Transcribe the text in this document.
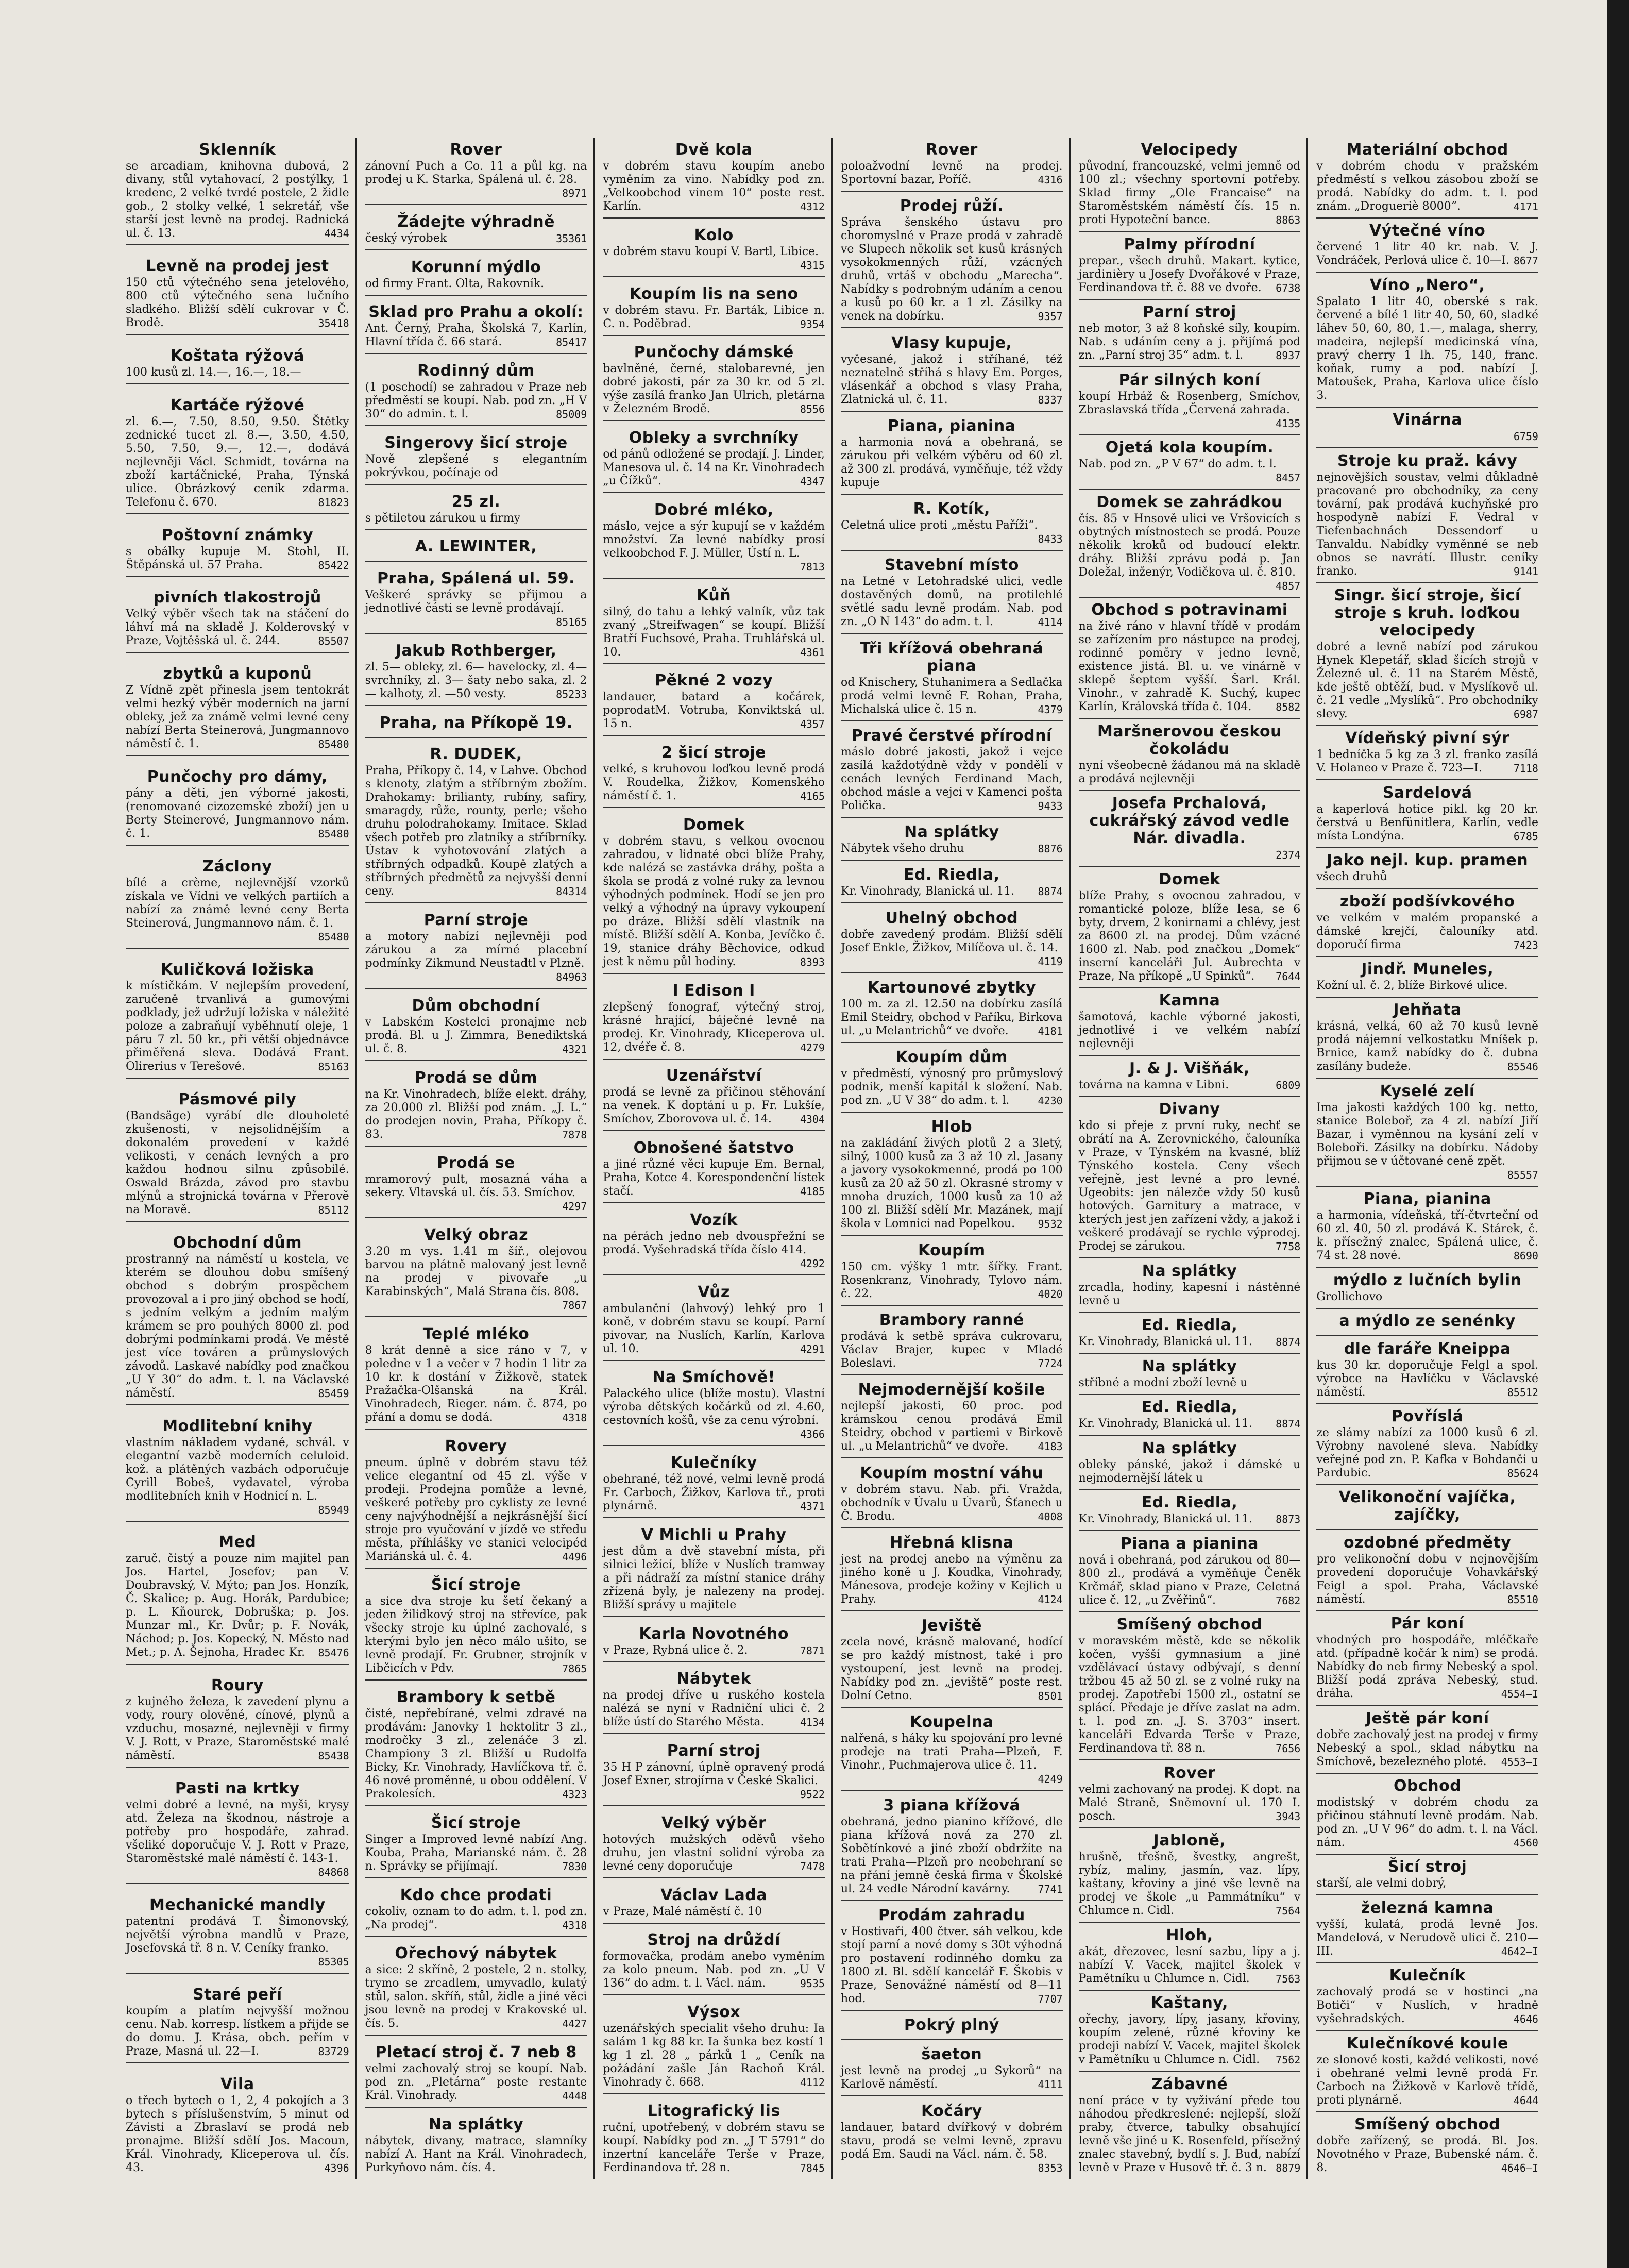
Sklenník

se arcadiam, knihovna dubová, 2 divany, stůl vytahovací, 2 postýlky, 1 kredenc, 2 velké tvrdé postele, 2 židle gob., 2 stolky velké, 1 sekretář, vše starší jest levně na prodej. Radnická ul. č. 13.	4434

Levně na prodej jest

150 ctů výtečného sena jetelového, 800 ctů výtečného sena lučního sladkého. Bližší sdělí cukrovar v Č. Brodě.	35418

Koštata rýžová

100 kusů zl. 14.—, 16.—, 18.—

Kartáče rýžové

zl. 6.—, 7.50, 8.50, 9.50. Štětky zednické tucet zl. 8.—, 3.50, 4.50, 5.50, 7.50, 9.—, 12.—, dodává nejlevněji Václ. Schmidt, továrna na zboží kartáčnické, Praha, Týnská ulice. Obrázkový ceník zdarma. Telefonu č. 670.	81823

Poštovní známky

s obálky kupuje M. Stohl, II. Štěpánská ul. 57 Praha.	85422

pivních tlakostrojů

Velký výběr všech tak na stáčení do láhví má na skladě J. Kolderovský v Praze, Vojtěšská ul. č. 244.	85507

zbytků a kuponů

Z Vídně zpět přinesla jsem tentokrát velmi hezký výběr moderních na jarní obleky, jež za známě velmi levné ceny nabízí Berta Steinerová, Jungmannovo náměstí č. 1.	85480

Punčochy pro dámy,

pány a děti, jen výborné jakosti, (renomované cizozemské zboží) jen u Berty Steinerové, Jungmannovo nám. č. 1.	85480

Záclony

bílé a crème, nejlevnější vzorků získala ve Vídni ve velkých partiích a nabízí za známě levné ceny Berta Steinerová, Jungmannovo nám. č. 1.
85480

Kuličková ložiska

k místičkám. V nejlepším provedení, zaručeně trvanlivá a gumovými podklady, jež udržují ložiska v náležité poloze a zabraňují vyběhnutí oleje, 1 páru 7 zl. 50 kr., při větší objednávce přiměřená sleva. Dodává Frant. Olirerius v Terešové.	85163

Pásmové pily

(Bandsäge) vyrábí dle dlouholeté zkušenosti, v nejsolidnějším a dokonalém provedení v každé velikosti, v cenách levných a pro každou hodnou silnu způsobilé. Oswald Brázda, závod pro stavbu mlýnů a strojnická továrna v Přerově na Moravě.	85112

Obchodní dům

prostranný na náměstí u kostela, ve kterém se dlouhou dobu smíšený obchod s dobrým prospěchem provozoval a i pro jiný obchod se hodí, s jedním velkým a jedním malým krámem se pro pouhých 8000 zl. pod dobrými podmínkami prodá. Ve městě jest více továren a průmyslových závodů. Laskavé nabídky pod značkou „U Y 30“ do adm. t. l. na Václavské náměstí.	85459

Modlitební knihy

vlastním nákladem vydané, schvál. v elegantní vazbě moderních celuloid. kož. a plátěných vazbách odporučuje Cyrill Bobeš, vydavatel, výroba modlitebních knih v Hodnicí n. L.
85949

Med

zaruč. čistý a pouze nim majitel pan Jos. Hartel, Josefov; pan V. Doubravský, V. Mýto; pan Jos. Honzík, Č. Skalice; p. Aug. Horák, Pardubice; p. L. Kňourek, Dobruška; p. Jos. Munzar ml., Kr. Dvůr; p. F. Novák, Náchod; p. Jos. Kopecký, N. Město nad Met.; p. A. Šejnoha, Hradec Kr. 85476

Roury

z kujného železa, k zavedení plynu a vody, roury olověné, cínové, plynů a vzduchu, mosazné, nejlevněji v firmy V. J. Rott, v Praze, Staroměstské malé náměstí.	85438

Pasti na krtky

velmi dobré a levné, na myši, krysy atd. Železa na škodnou, nástroje a potřeby pro hospodáře, zahrad. všeliké doporučuje V. J. Rott v Praze, Staroměstské malé náměstí č. 143-1.
84868

Mechanické mandly

patentní prodává T. Šimonovský, největší výrobna mandlů v Praze, Josefovská tř. 8 n. V. Ceníky franko.
85305

Staré peří

koupím a platím nejvyšší možnou cenu. Nab. korresp. lístkem a přijde se do domu. J. Krása, obch. peřím v Praze, Masná ul. 22—I.	83729

Vila

o třech bytech o 1, 2, 4 pokojích a 3 bytech s příslušenstvím, 5 minut od Závisti a Zbraslaví se prodá neb pronajme. Bližší sdělí Jos. Macoun, Král. Vinohrady, Kliceperova ul. čís. 43.	4396

Rover

zánovní Puch a Co. 11 a půl kg. na prodej u K. Starka, Spálená ul. č. 28.
8971

Žádejte výhradně

český výrobek	35361

Korunní mýdlo

od firmy Frant. Olta, Rakovník.

Sklad pro Prahu a okolí:

Ant. Černý, Praha, Školská 7, Karlín, Hlavní třída č. 66 stará.	85417

Rodinný dům

(1 poschodí) se zahradou v Praze neb předměstí se koupí. Nab. pod zn. „H V 30“ do admin. t. l.	85009

Singerovy šicí stroje

Nově zlepšené s elegantním pokrývkou, počínaje od

25 zl.

s pětiletou zárukou u firmy

A. LEWINTER,
Praha, Spálená ul. 59.

Veškeré správky se přijmou a jednotlivé části se levně prodávají.
85165

Jakub Rothberger,

zl. 5— obleky, zl. 6— havelocky, zl. 4— svrchníky, zl. 3— šaty nebo saka, zl. 2— kalhoty, zl. —50 vesty.	85233

Praha, na Příkopě 19.
R. DUDEK,

Praha, Příkopy č. 14, v Lahve. Obchod s klenoty, zlatým a stříbrným zbožím. Drahokamy: brilianty, rubíny, safíry, smaragdy, růže, rounty, perle; všeho druhu polodrahokamy. Imitace. Sklad všech potřeb pro zlatníky a stříbrníky. Ústav k vyhotovování zlatých a stříbrných odpadků. Koupě zlatých a stříbrných předmětů za nejvyšší denní ceny.	84314

Parní stroje

a motory nabízí nejlevněji pod zárukou a za mírné placební podmínky Zikmund Neustadtl v Plzně.
84963

Dům obchodní

v Labském Kostelci pronajme neb prodá. Bl. u J. Zimmra, Benediktská ul. č. 8.	4321

Prodá se dům

na Kr. Vinohradech, blíže elekt. dráhy, za 20.000 zl. Bližší pod znám. „J. L.“ do prodejen novin, Praha, Příkopy č. 83.	7878

Prodá se

mramorový pult, mosazná váha a sekery. Vltavská ul. čís. 53. Smíchov.
4297

Velký obraz

3.20 m vys. 1.41 m šíř., olejovou barvou na plátně malovaný jest levně na prodej v pivovaře „u Karabinských“, Malá Strana čís. 808.
7867

Teplé mléko

8 krát denně a sice ráno v 7, v poledne v 1 a večer v 7 hodin 1 litr za 10 kr. k dostání v Žižkově, statek Pražačka-Olšanská na Král. Vinohradech, Rieger. nám. č. 874, po přání a domu se dodá.	4318

Rovery

pneum. úplně v dobrém stavu též velice elegantní od 45 zl. výše v prodeji. Prodejna pomůže a levné, veškeré potřeby pro cyklisty ze levné ceny najvýhodnější a nejkrásnější šicí stroje pro vyučování v jízdě ve středu města, příhlášky ve stanici velocipéd Mariánská ul. č. 4.	4496

Šicí stroje

a sice dva stroje ku šetí čekaný a jeden žilidkový stroj na střevíce, pak všecky stroje ku úplné zachovalé, s kterými bylo jen něco málo ušito, se levně prodají. Fr. Grubner, strojník v Libčicích v Pdv.	7865

Brambory k setbě

čisté, nepřebírané, velmi zdravé na prodávám: Janovky 1 hektolitr 3 zl., modročky 3 zl., zelenáče 3 zl. Championy 3 zl. Bližší u Rudolfa Bicky, Kr. Vinohrady, Havlíčkova tř. č. 46 nové proměnné, u obou oddělení. V Prakolesích.	4323

Šicí stroje

Singer a Improved levně nabízí Ang. Kouba, Praha, Marianské nám. č. 28 n. Správky se přijímají.	7830

Kdo chce prodati

cokoliv, oznam to do adm. t. l. pod zn. „Na prodej“.	4318

Ořechový nábytek

a sice: 2 skříně, 2 postele, 2 n. stolky, trymo se zrcadlem, umyvadlo, kulatý stůl, salon. skříň, stůl, židle a jiné věci jsou levně na prodej v Krakovské ul. čís. 5.	4427

Pletací stroj č. 7 neb 8

velmi zachovalý stroj se koupí. Nab. pod zn. „Pletárna“ poste restante Král. Vinohrady.	4448

Na splátky

nábytek, divany, matrace, slamníky nabízí A. Hant na Král. Vinohradech, Purkyňovo nám. čís. 4.

Dvě kola

v dobrém stavu koupím anebo vyměním za vino. Nabídky pod zn. „Velkoobchod vinem 10“ poste rest. Karlín.	4312

Kolo

v dobrém stavu koupí V. Bartl, Libice.
4315

Koupím lis na seno

v dobrém stavu. Fr. Barták, Libice n. C. n. Poděbrad.	9354

Punčochy dámské

bavlněné, černé, stalobarevné, jen dobré jakosti, pár za 30 kr. od 5 zl. výše zasílá franko Jan Ulrich, pletárna v Železném Brodě.	8556

Obleky a svrchníky

od pánů odložené se prodají. J. Linder, Manesova ul. č. 14 na Kr. Vinohradech „u Čížků“.	4347

Dobré mléko,

máslo, vejce a sýr kupují se v každém množství. Za levné nabídky prosí velkoobchod F. J. Müller, Ústí n. L.
7813

Kůň

silný, do tahu a lehký valník, vůz tak zvaný „Streifwagen“ se koupí. Bližší Bratří Fuchsové, Praha. Truhlářská ul. 10.	4361

Pěkné 2 vozy

landauer, batard a kočárek, poprodatM. Votruba, Konviktská ul. 15 n.	4357

2 šicí stroje

velké, s kruhovou loďkou levně prodá V. Roudelka, Žižkov, Komenského náměstí č. 1.	4165

Domek

v dobrém stavu, s velkou ovocnou zahradou, v lidnaté obci blíže Prahy, kde nalézá se zastávka dráhy, pošta a škola se prodá z volné ruky za levnou výhodných podmínek. Hodí se jen pro velký a výhodný na úpravy vykoupení po dráze. Bližší sdělí vlastník na místě. Bližší sdělí A. Konba, Jevíčko č. 19, stanice dráhy Běchovice, odkud jest k němu půl hodiny.	8393

I Edison I

zlepšený fonograf, výtečný stroj, krásné hrající, báječné levně na prodej. Kr. Vinohrady, Kliceperova ul. 12, dvéře č. 8.	4279

Uzenářství

prodá se levně za přičinou stěhování na venek. K doptání u p. Fr. Lukšíe, Smíchov, Zborovova ul. č. 14.	4304

Obnošené šatstvo

a jiné různé věci kupuje Em. Bernal, Praha, Kotce 4. Korespondenční lístek stačí.	4185

Vozík

na pérách jedno neb dvouspřežní se prodá. Vyšehradská třída číslo 414.
4292

Vůz

ambulanční (lahvový) lehký pro 1 koně, v dobrém stavu se koupí. Parní pivovar, na Nuslích, Karlín, Karlova ul. 10.	4291

Na Smíchově!

Palackého ulice (blíže mostu). Vlastní výroba dětských kočárků od zl. 4.60, cestovních košů, vše za cenu výrobní.
4366

Kulečníky

obehrané, též nové, velmi levně prodá Fr. Carboch, Žižkov, Karlova tř., proti plynárně.	4371

V Michli u Prahy

jest dům a dvě stavební místa, při silnici ležící, blíže v Nuslích tramway a při nádraží za místní stanice dráhy zřízená byly, je nalezeny na prodej. Bližší správy u majitele

Karla Novotného

v Praze, Rybná ulice č. 2.	7871

Nábytek

na prodej dříve u ruského kostela nalézá se nyní v Radniční ulici č. 2 blíže ústí do Starého Města.	4134

Parní stroj

35 H P zánovní, úplně opravený prodá Josef Exner, strojírna v České Skalici.
9522

Velký výběr

hotových mužských oděvů všeho druhu, jen vlastní solidní výroba za levné ceny doporučuje	7478

Václav Lada

v Praze, Malé náměstí č. 10

Stroj na drůždí

formovačka, prodám anebo vyměním za kolo pneum. Nab. pod zn. „U V 136“ do adm. t. l. Václ. nám.	9535

Výsox

uzenářských specialit všeho druhu: Ia salám 1 kg 88 kr. Ia šunka bez kostí 1 kg 1 zl. 28 „ párků 1 „ Ceník na požádání zašle Ján Rachoň Král. Vinohrady č. 668.	4112

Litografický lis

ruční, upotřebený, v dobrém stavu se koupí. Nabídky pod zn. „J T 5791“ do inzertní kanceláře Terše v Praze, Ferdinandova tř. 28 n.	7845

Rover

poloažvodní levně na prodej. Sportovní bazar, Poříč.	4316

Prodej růží.

Správa šenského ústavu pro choromyslné v Praze prodá v zahradě ve Slupech několik set kusů krásných vysokokmenných růží, vzácných druhů, vrtáš v obchodu „Marecha“. Nabídky s podrobným udáním a cenou a kusů po 60 kr. a 1 zl. Zásilky na venek na dobírku.	9357

Vlasy kupuje,

vyčesané, jakož i stříhané, též neznatelně stříhá s hlavy Em. Porges, vlásenkář a obchod s vlasy Praha, Zlatnická ul. č. 11.	8337

Piana, pianina

a harmonia nová a obehraná, se zárukou při velkém výběru od 60 zl. až 300 zl. prodává, vyměňuje, též vždy kupuje

R. Kotík,

Celetná ulice proti „městu Paříži“.
8433

Stavební místo

na Letné v Letohradské ulici, vedle dostavěných domů, na protilehlé světlé sadu levně prodám. Nab. pod zn. „O N 143“ do adm. t. l.	4114

Tři křížová obehraná piana

od Knischery, Stuhanimera a Sedlačka prodá velmi levně F. Rohan, Praha, Michalská ulice č. 15 n.	4379

Pravé čerstvé přírodní

máslo dobré jakosti, jakož i vejce zasílá každotýdně vždy v pondělí v cenách levných Ferdinand Mach, obchod másle a vejci v Kamenci pošta Polička.	9433

Na splátky

Nábytek všeho druhu	8876

Ed. Riedla,

Kr. Vinohrady, Blanická ul. 11. 8874

Uhelný obchod

dobře zavedený prodám. Bližší sdělí Josef Enkle, Žižkov, Milíčova ul. č. 14.
4119

Kartounové zbytky

100 m. za zl. 12.50 na dobírku zasílá Emil Steidry, obchod v Paříku, Birkova ul. „u Melantrichů“ ve dvoře.	4181

Koupím dům

v předměstí, výnosný pro průmyslový podnik, menší kapitál k složení. Nab. pod zn. „U V 38“ do adm. t. l.	4230

Hlob

na zakládání živých plotů 2 a 3letý, silný, 1000 kusů za 3 až 10 zl. Jasany a javory vysokokmenné, prodá po 100 kusů za 20 až 50 zl. Okrasné stromy v mnoha druzích, 1000 kusů za 10 až 100 zl. Bližší sdělí Mr. Mazánek, mají škola v Lomnici nad Popelkou. 9532

Koupím

150 cm. výšky 1 mtr. šířky. Frant. Rosenkranz, Vinohrady, Tylovo nám. č. 22.	4020

Brambory ranné

prodává k setbě správa cukrovaru, Václav Brajer, kupec v Mladé Boleslavi.	7724

Nejmodernější košile

nejlepší jakosti, 60 proc. pod krámskou cenou prodává Emil Steidry, obchod v partiemi v Birkově ul. „u Melantrichů“ ve dvoře.	4183

Koupím mostní váhu

v dobrém stavu. Nab. při. Vražda, obchodník v Úvalu u Úvarů, Šťanech u Č. Brodu.	4008

Hřebná klisna

jest na prodej anebo na výměnu za jiného koně u J. Koudka, Vinohrady, Mánesova, prodeje kožiny v Kejlich u Prahy.	4124

Jeviště

zcela nové, krásně malované, hodící se pro každý místnost, také i pro vystoupení, jest levně na prodej. Nabídky pod zn. „jeviště“ poste rest. Dolní Cetno.	8501

Koupelna

nalřená, s háky ku spojování pro levné prodeje na trati Praha—Plzeň, F. Vinohr., Puchmajerova ulice č. 11.
4249

3 piana křížová

obehraná, jedno pianino křížové, dle piana křížová nová za 270 zl. Sobětínkové a jiné zboží obdržíte na trati Praha—Plzeň pro neobehraní se na přání jemně česká firma v Školské ul. 24 vedle Národní kavárny.	7741

Prodám zahradu

v Hostivaři, 400 čtver. sáh velkou, kde stojí parní a nové domy s 30t výhodná pro postavení rodinného domku za 1800 zl. Bl. sdělí kancelář F. Škobis v Praze, Senovážné náměstí od 8—11 hod.	7707

Pokrý plný
šaeton

jest levně na prodej „u Sykorů“ na Karlově náměstí.	4111

Kočáry

landauer, batard dvířkový v dobrém stavu, prodá se velmi levně, zpravu podá Em. Saudi na Václ. nám. č. 58.
8353

Velocipedy

původní, francouzské, velmi jemně od 100 zl.; všechny sportovní potřeby. Sklad firmy „Ole Francaise“ na Staroměstském náměstí čís. 15 n. proti Hypoteční bance.	8863

Palmy přírodní

prepar., všech druhů. Makart. kytice, jardinièry u Josefy Dvořákové v Praze, Ferdinandova tř. č. 88 ve dvoře. 6738

Parní stroj

neb motor, 3 až 8 koňské síly, koupím. Nab. s udáním ceny a j. přijímá pod zn. „Parní stroj 35“ adm. t. l.	8937

Pár silných koní

koupí Hrbáž & Rosenberg, Smíchov, Zbraslavská třída „Červená zahrada.
4135

Ojetá kola koupím.

Nab. pod zn. „P V 67“ do adm. t. l.
8457

Domek se zahrádkou

čís. 85 v Hnsově ulici ve Vršovicích s obytných místnostech se prodá. Pouze několik kroků od budoucí elektr. dráhy. Bližší zprávu podá p. Jan Doležal, inženýr, Vodičkova ul. č. 810.
4857

Obchod s potravinami

na živé ráno v hlavní třídě v prodám se zařízením pro nástupce na prodej, rodinné poměry v jedno levně, existence jistá. Bl. u. ve vinárně v sklepě šeptem vyšší. Šarl. Král. Vinohr., v zahradě K. Suchý, kupec Karlín, Královská třída č. 104. 8582

Maršnerovou českou čokoládu

nyní všeobecně žádanou má na skladě a prodává nejlevněji

Josefa Prchalová, cukrářský závod vedle Nár. divadla.

2374

Domek

blíže Prahy, s ovocnou zahradou, v romantické poloze, blíže lesa, se 6 byty, drvem, 2 konirnami a chlévy, jest za 8600 zl. na prodej. Dům vzácné 1600 zl. Nab. pod značkou „Domek“ inserní kanceláři Jul. Aubrechta v Praze, Na příkopě „U Spinků“. 7644

Kamna

šamotová, kachle výborné jakosti, jednotlivé i ve velkém nabízí nejlevněji

J. & J. Višňák,

továrna na kamna v Libni.	6809

Divany

kdo si přeje z první ruky, nechť se obrátí na A. Zerovnického, čalouníka v Praze, v Týnském na kvasné, blíž Týnského kostela. Ceny všech veřejně, jest levné a pro levné. Ugeobits: jen nálezče vždy 50 kusů hotových. Garnitury a matrace, v kterých jest jen zařízení vždy, a jakož i veškeré prodávají se rychle výprodej. Prodej se zárukou.	7758

Na splátky

zrcadla, hodiny, kapesní i nástěnné levně u

Ed. Riedla,

Kr. Vinohrady, Blanická ul. 11. 8874

Na splátky

stříbné a modní zboží levně u

Ed. Riedla,

Kr. Vinohrady, Blanická ul. 11. 8874

Na splátky

obleky pánské, jakož i dámské u nejmodernější látek u

Ed. Riedla,

Kr. Vinohrady, Blanická ul. 11. 8873

Piana a pianina

nová i obehraná, pod zárukou od 80—800 zl., prodává a vyměňuje Čeněk Krčmář, sklad piano v Praze, Celetná ulice č. 12, „u Zvěřinů“.	7682

Smíšený obchod

v moravském městě, kde se několik kočen, vyšší gymnasium a jiné vzdělávací ústavy odbývají, s denní tržbou 45 až 50 zl. se z volné ruky na prodej. Zapotřebí 1500 zl., ostatní se splácí. Předaje je dříve zaslat na adm. t. l. pod zn. „J. S. 3703“ insert. kanceláři Edvarda Terše v Praze, Ferdinandova tř. 88 n.	7656

Rover

velmi zachovaný na prodej. K dopt. na Malé Straně, Sněmovní ul. 170 I. posch.	3943

Jabloně,

hrušně, třešně, švestky, angrešt, rybíz, maliny, jasmín, vaz. lípy, kaštany, křoviny a jiné vše levně na prodej ve škole „u Pammátníku“ v Chlumce n. Cidl.	7564

Hloh,

akát, dřezovec, lesní sazbu, lípy a j. nabízí V. Vacek, majitel školek v Pamětníku u Chlumce n. Cidl.	7563

Kaštany,

ořechy, javory, lípy, jasany, křoviny, koupím zelené, různé křoviny ke prodeji nabízí V. Vacek, majitel školek v Pamětníku u Chlumce n. Cidl. 7562

Zábavné

není práce v ty vyživání přede tou náhodou předkreslené: nejlepší, složí praby, čtverce, tabulky obsahující levně vše jiné u K. Rosenfeld, přísežný znalec stavebný, bydlí s. J. Bud, nabízí levně v Praze v Husově tř. č. 3 n. 8879

Materiální obchod

v dobrém chodu v pražském předměstí s velkou zásobou zboží se prodá. Nabídky do adm. t. l. pod znám. „Drogueriè 8000“.	4171

Výtečné víno

červené 1 litr 40 kr. nab. V. J. Vondráček, Perlová ulice č. 10—I. 8677

Víno „Nero“,

Spalato 1 litr 40, oberské s rak. červené a bílé 1 litr 40, 50, 60, sladké láhev 50, 60, 80, 1.—, malaga, sherry, madeira, nejlepší medicinská vína, pravý cherry 1 lh. 75, 140, franc. koňak, rumy a pod. nabízí J. Matoušek, Praha, Karlova ulice číslo 3.

Vinárna

6759

Stroje ku praž. kávy

nejnovějších soustav, velmi důkladně pracované pro obchodníky, za ceny tovární, pak prodává kuchyňské pro hospodyně nabízí F. Vedral v Tiefenbachnách Dessendorf u Tanvaldu. Nabídky vyměnné se neb obnos se navrátí. Illustr. ceníky franko.	9141

Singr. šicí stroje, šicí stroje s kruh. loďkou velocipedy

dobré a levně nabízí pod zárukou Hynek Klepetář, sklad šicích strojů v Železné ul. č. 11 na Starém Městě, kde ještě obtěží, bud. v Myslíkově ul. č. 21 vedle „Myslíků“. Pro obchodníky slevy.	6987

Vídeňský pivní sýr

1 bedníčka 5 kg za 3 zl. franko zasílá V. Holaneo v Praze č. 723—I.	7118

Sardelová

a kaperlová hotice pikl. kg 20 kr. čerstvá u Benfünitlera, Karlín, vedle místa Londýna.	6785

Jako nejl. kup. pramen

všech druhů

zboží podšívkového

ve velkém v malém propanské a dámské krejčí, čalouníky atd. doporučí firma	7423

Jindř. Muneles,

Kožní ul. č. 2, blíže Birkové ulice.

Jehňata

krásná, velká, 60 až 70 kusů levně prodá nájemní velkostatku Mníšek p. Brnice, kamž nabídky do č. dubna zasílány budeže.	85546

Kyselé zelí

Ima jakosti každých 100 kg. netto, stanice Boleboř, za 4 zl. nabízí Jiří Bazar, i vyměnnou na kysání zelí v Boleboři. Zásilky na dobírku. Nádoby přijmou se v účtované ceně zpět.
85557

Piana, pianina

a harmonia, vídeňská, tří-čtvrteční od 60 zl. 40, 50 zl. prodává K. Stárek, č. k. přísežný znalec, Spálená ulice, č. 74 st. 28 nové.	8690

mýdlo z lučních bylin

Grollichovo

a mýdlo ze senénky
dle faráře Kneippa

kus 30 kr. doporučuje Felgl a spol. výrobce na Havlíčku v Václavské náměstí.	85512

Povříslá

ze slámy nabízí za 1000 kusů 6 zl. Výrobny navolené sleva. Nabídky veřejné pod zn. P. Kafka v Bohdanči u Pardubic.	85624

Velikonoční vajíčka, zajíčky,
ozdobné předměty

pro velikonoční dobu v nejnovějším provedení doporučuje Vohavkářský Feigl a spol. Praha, Václavské náměstí.	85510

Pár koní

vhodných pro hospodáře, mléčkaře atd. (případně kočár k nim) se prodá. Nabídky do neb firmy Nebeský a spol. Bližší podá zpráva Nebeský, stud. dráha.	4554—I

Ještě pár koní

dobře zachovalý jest na prodej v firmy Nebeský a spol., sklad nábytku na Smíchově, bezelezného ploté. 4553—I

Obchod

modistský v dobrém chodu za přičinou stáhnutí levně prodám. Nab. pod zn. „U V 96“ do adm. t. l. na Václ. nám.	4560

Šicí stroj

starší, ale velmi dobrý,

železná kamna

vyšší, kulatá, prodá levně Jos. Mandelová, v Nerudově ulici č. 210—III.	4642—I

Kulečník

zachovalý prodá se v hostinci „na Botiči“ v Nuslích, v hradně vyšehradských.	4646

Kulečníkové koule

ze slonové kosti, každé velikosti, nové i obehrané velmi levně prodá Fr. Carboch na Žižkově v Karlově třídě, proti plynárně.	4644

Smíšený obchod

dobře zařízený, se prodá. Bl. Jos. Novotného v Praze, Bubenské nám. č. 8.	4646—I
